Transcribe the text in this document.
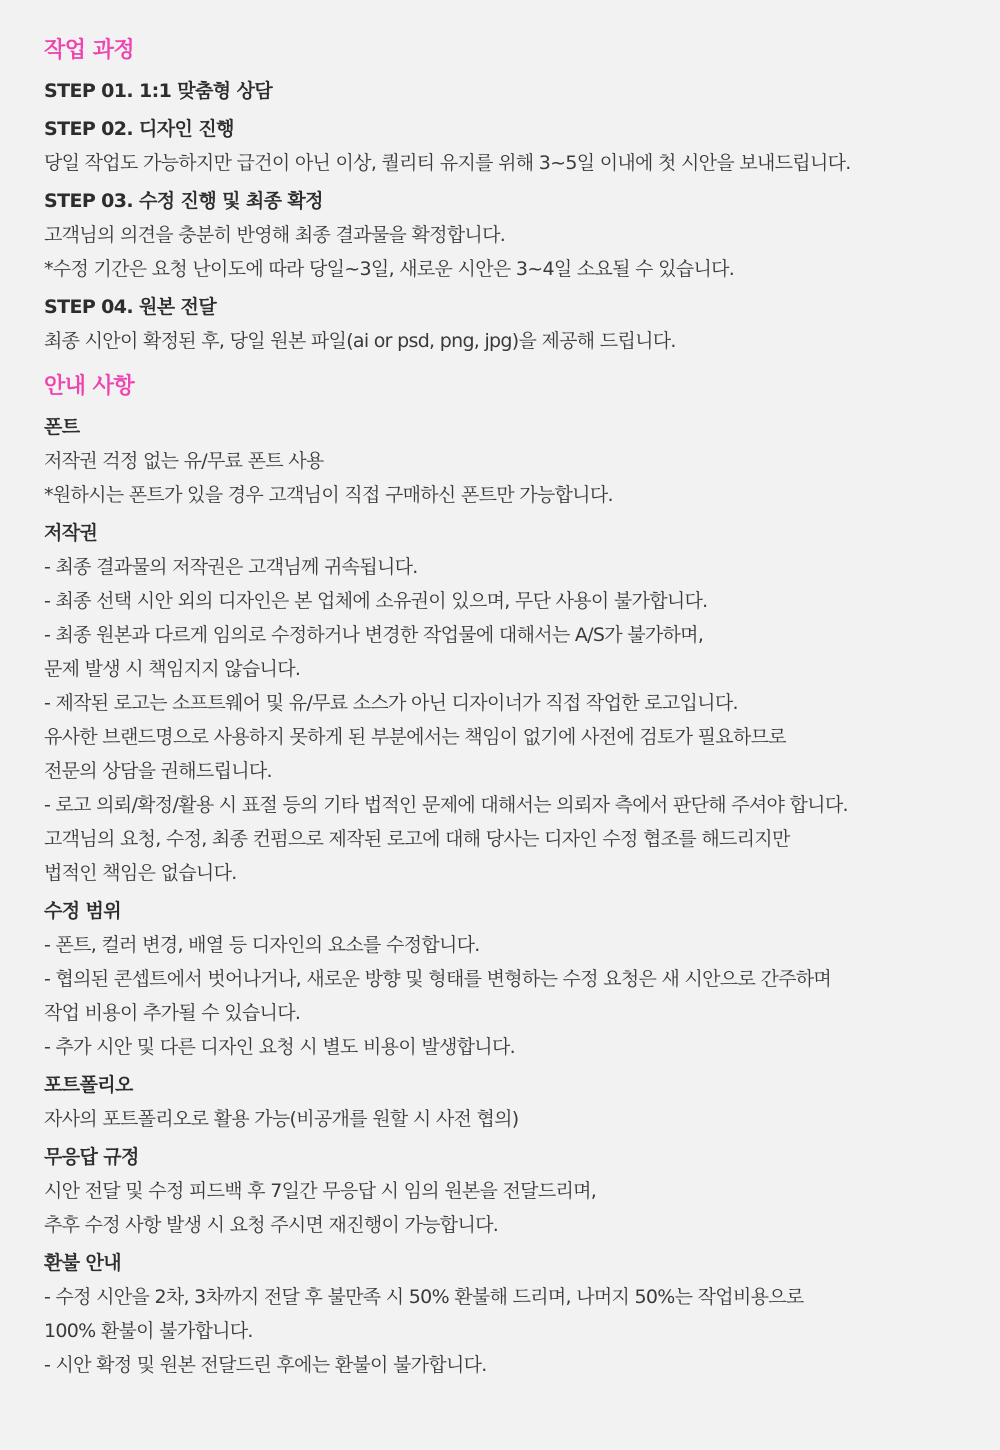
작업 과정
STEP 01. 1:1 맞춤형 상담
STEP 02. 디자인 진행
당일 작업도 가능하지만 급건이 아닌 이상, 퀄리티 유지를 위해 3~5일 이내에 첫 시안을 보내드립니다.
STEP 03. 수정 진행 및 최종 확정
고객님의 의견을 충분히 반영해 최종 결과물을 확정합니다.
*수정 기간은 요청 난이도에 따라 당일~3일, 새로운 시안은 3~4일 소요될 수 있습니다.
STEP 04. 원본 전달
최종 시안이 확정된 후, 당일 원본 파일(ai or psd, png, jpg)을 제공해 드립니다.
안내 사항
폰트
저작권 걱정 없는 유/무료 폰트 사용
*원하시는 폰트가 있을 경우 고객님이 직접 구매하신 폰트만 가능합니다.
저작권
- 최종 결과물의 저작권은 고객님께 귀속됩니다.
- 최종 선택 시안 외의 디자인은 본 업체에 소유권이 있으며, 무단 사용이 불가합니다.
- 최종 원본과 다르게 임의로 수정하거나 변경한 작업물에 대해서는 A/S가 불가하며,
문제 발생 시 책임지지 않습니다.
- 제작된 로고는 소프트웨어 및 유/무료 소스가 아닌 디자이너가 직접 작업한 로고입니다.
유사한 브랜드명으로 사용하지 못하게 된 부분에서는 책임이 없기에 사전에 검토가 필요하므로
전문의 상담을 권해드립니다.
- 로고 의뢰/확정/활용 시 표절 등의 기타 법적인 문제에 대해서는 의뢰자 측에서 판단해 주셔야 합니다.
고객님의 요청, 수정, 최종 컨펌으로 제작된 로고에 대해 당사는 디자인 수정 협조를 해드리지만
법적인 책임은 없습니다.
수정 범위
- 폰트, 컬러 변경, 배열 등 디자인의 요소를 수정합니다.
- 협의된 콘셉트에서 벗어나거나, 새로운 방향 및 형태를 변형하는 수정 요청은 새 시안으로 간주하며
작업 비용이 추가될 수 있습니다.
- 추가 시안 및 다른 디자인 요청 시 별도 비용이 발생합니다.
포트폴리오
자사의 포트폴리오로 활용 가능(비공개를 원할 시 사전 협의)
무응답 규정
시안 전달 및 수정 피드백 후 7일간 무응답 시 임의 원본을 전달드리며,
추후 수정 사항 발생 시 요청 주시면 재진행이 가능합니다.
환불 안내
- 수정 시안을 2차, 3차까지 전달 후 불만족 시 50% 환불해 드리며, 나머지 50%는 작업비용으로
100% 환불이 불가합니다.
- 시안 확정 및 원본 전달드린 후에는 환불이 불가합니다.
